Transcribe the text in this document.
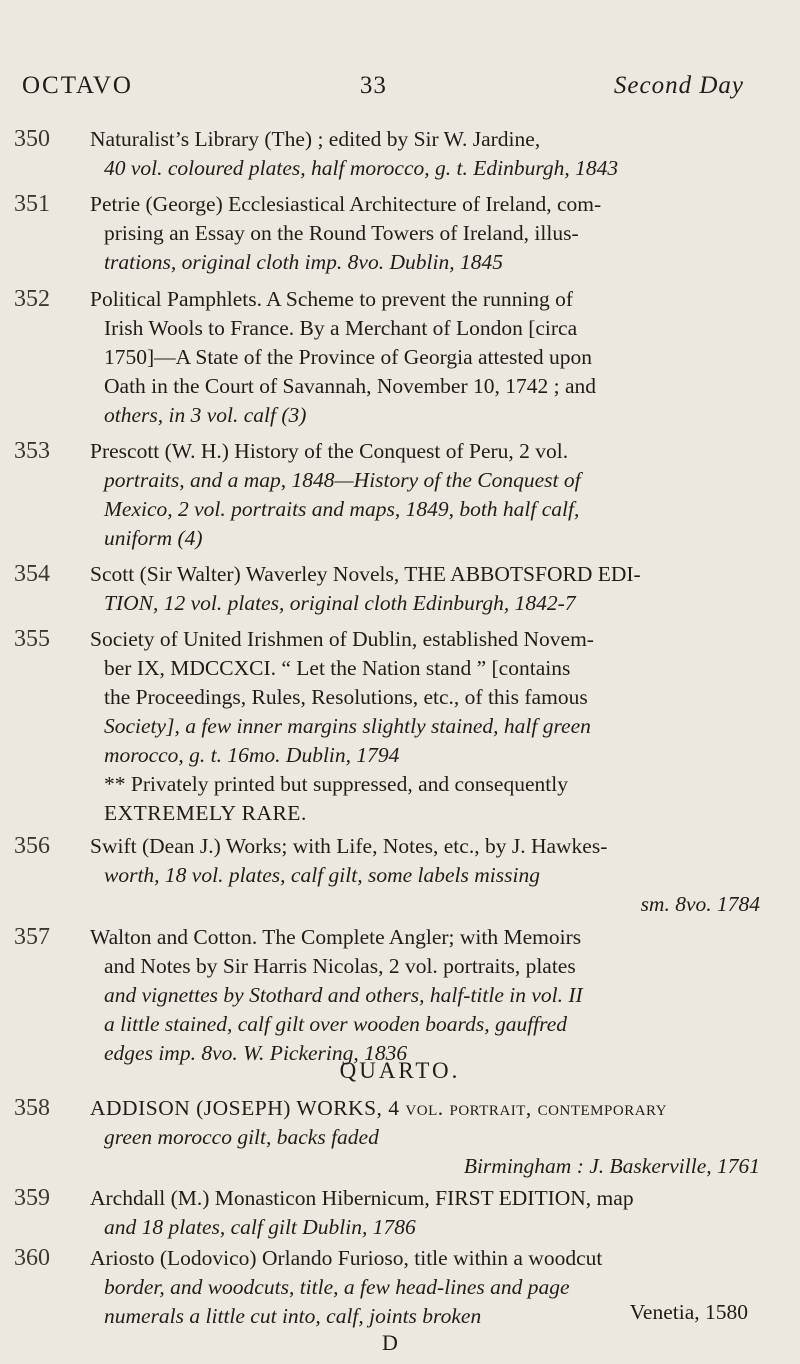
OCTAVO	33	Second Day
350	Naturalist’s Library (The) ; edited by Sir W. Jardine,
40 vol. coloured plates, half morocco, g. t. Edinburgh, 1843
351	Petrie (George) Ecclesiastical Architecture of Ireland, com-
prising an Essay on the Round Towers of Ireland, illus-
trations, original cloth imp. 8vo. Dublin, 1845
352	Political Pamphlets. A Scheme to prevent the running of
Irish Wools to France. By a Merchant of London [circa
1750]—A State of the Province of Georgia attested upon
Oath in the Court of Savannah, November 10, 1742 ; and
others, in 3 vol. calf (3)
353	Prescott (W. H.) History of the Conquest of Peru, 2 vol.
portraits, and a map, 1848—History of the Conquest of
Mexico, 2 vol. portraits and maps, 1849, both half calf,
uniform (4)
354	Scott (Sir Walter) Waverley Novels, THE ABBOTSFORD EDI-
TION, 12 vol. plates, original cloth Edinburgh, 1842-7
355	Society of United Irishmen of Dublin, established Novem-
ber IX, MDCCXCI. “ Let the Nation stand ” [contains
the Proceedings, Rules, Resolutions, etc., of this famous
Society], a few inner margins slightly stained, half green
morocco, g. t. 16mo. Dublin, 1794
** Privately printed but suppressed, and consequently
EXTREMELY RARE.
356	Swift (Dean J.) Works; with Life, Notes, etc., by J. Hawkes-
worth, 18 vol. plates, calf gilt, some labels missing
sm. 8vo. 1784
357	Walton and Cotton. The Complete Angler; with Memoirs
and Notes by Sir Harris Nicolas, 2 vol. portraits, plates
and vignettes by Stothard and others, half-title in vol. II
a little stained, calf gilt over wooden boards, gauffred
edges imp. 8vo. W. Pickering, 1836
QUARTO.
358	ADDISON (JOSEPH) WORKS, 4 vol. portrait, contemporary
green morocco gilt, backs faded
Birmingham : J. Baskerville, 1761
359	Archdall (M.) Monasticon Hibernicum, FIRST EDITION, map
and 18 plates, calf gilt Dublin, 1786
360	Ariosto (Lodovico) Orlando Furioso, title within a woodcut
border, and woodcuts, title, a few head-lines and page
numerals a little cut into, calf, joints broken	Venetia, 1580
D
